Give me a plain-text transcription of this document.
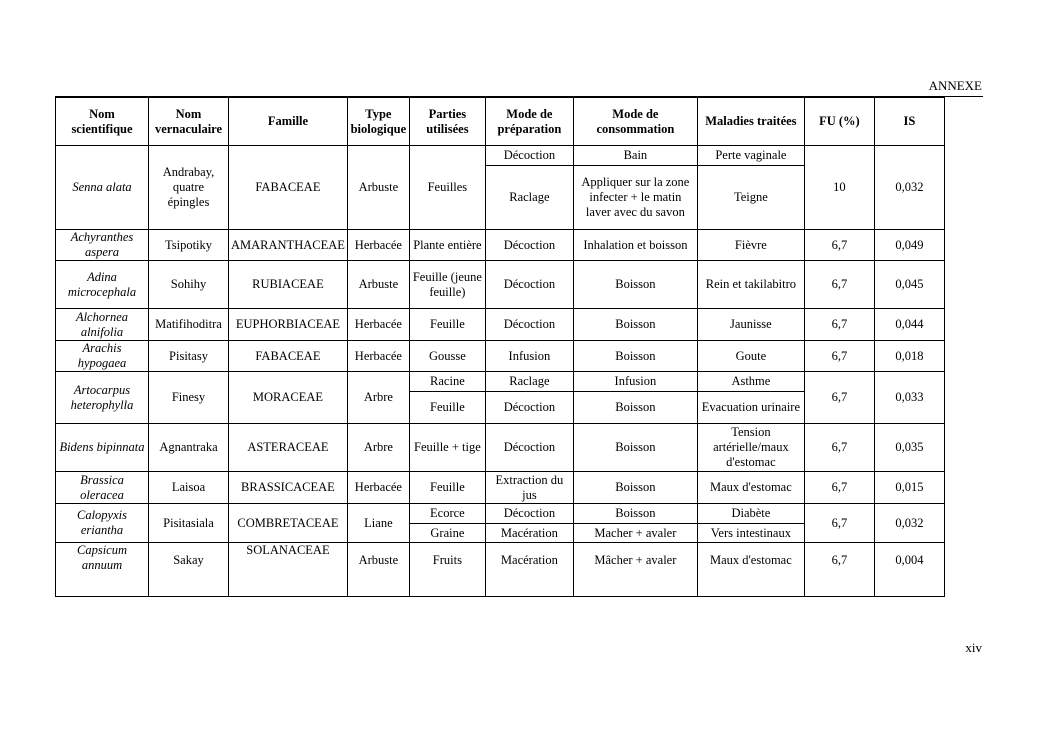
ANNEXE
Nom scientifique	Nom vernaculaire	Famille	Type biologique	Parties utilisées	Mode de préparation	Mode de consommation	Maladies traitées	FU (%)	IS
Senna alata	Andrabay, quatre épingles	FABACEAE	Arbuste	Feuilles	Décoction	Bain	Perte vaginale	10	0,032
					Raclage	Appliquer sur la zone infecter + le matin laver avec du savon	Teigne		
Achyranthes aspera	Tsipotiky	AMARANTHACEAE	Herbacée	Plante entière	Décoction	Inhalation et boisson	Fièvre	6,7	0,049
Adina microcephala	Sohihy	RUBIACEAE	Arbuste	Feuille (jeune feuille)	Décoction	Boisson	Rein et takilabitro	6,7	0,045
Alchornea alnifolia	Matifihoditra	EUPHORBIACEAE	Herbacée	Feuille	Décoction	Boisson	Jaunisse	6,7	0,044
Arachis hypogaea	Pisitasy	FABACEAE	Herbacée	Gousse	Infusion	Boisson	Goute	6,7	0,018
Artocarpus heterophylla	Finesy	MORACEAE	Arbre	Racine	Raclage	Infusion	Asthme	6,7	0,033
				Feuille	Décoction	Boisson	Evacuation urinaire		
Bidens bipinnata	Agnantraka	ASTERACEAE	Arbre	Feuille + tige	Décoction	Boisson	Tension artérielle/maux d'estomac	6,7	0,035
Brassica oleracea	Laisoa	BRASSICACEAE	Herbacée	Feuille	Extraction du jus	Boisson	Maux d'estomac	6,7	0,015
Calopyxis eriantha	Pisitasiala	COMBRETACEAE	Liane	Ecorce	Décoction	Boisson	Diabète	6,7	0,032
				Graine	Macération	Macher + avaler	Vers intestinaux		
Capsicum annuum	Sakay	SOLANACEAE	Arbuste	Fruits	Macération	Mâcher + avaler	Maux d'estomac	6,7	0,004
xiv
